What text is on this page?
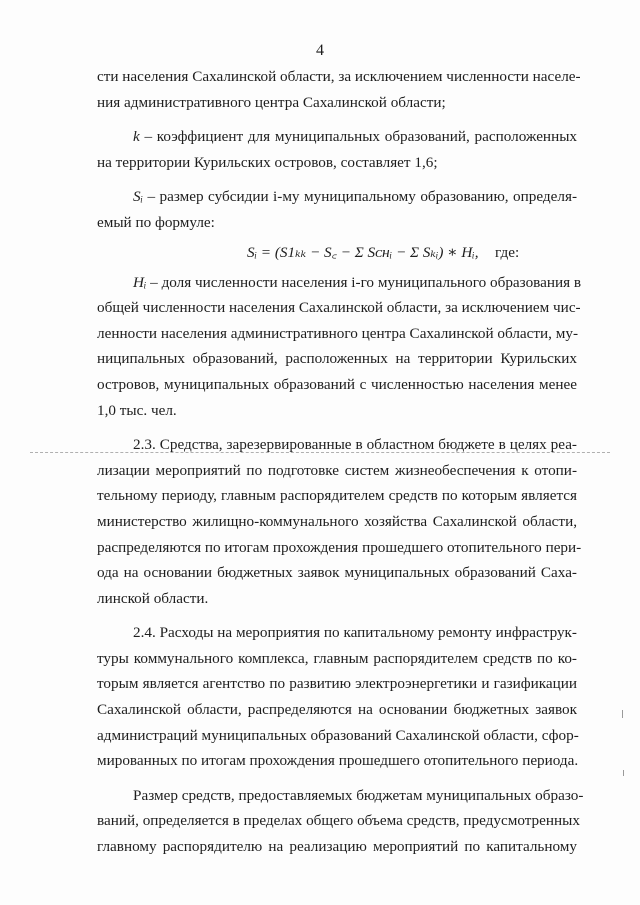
4
сти населения Сахалинской области, за исключением численности населе-
ния административного центра Сахалинской области;
k – коэффициент для муниципальных образований, расположенных
на территории Курильских островов, составляет 1,6;
Sᵢ – размер субсидии i-му муниципальному образованию, определя-
емый по формуле:
Sᵢ = (S1ₖₖ − S꜀ − Σ Sᴄʜᵢ − Σ Sₖᵢ) ∗ Hᵢ, где:
Hᵢ – доля численности населения i-го муниципального образования в
общей численности населения Сахалинской области, за исключением чис-
ленности населения административного центра Сахалинской области, му-
ниципальных образований, расположенных на территории Курильских
островов, муниципальных образований с численностью населения менее
1,0 тыс. чел.
2.3. Средства, зарезервированные в областном бюджете в целях реа-
лизации мероприятий по подготовке систем жизнеобеспечения к отопи-
тельному периоду, главным распорядителем средств по которым является
министерство жилищно-коммунального хозяйства Сахалинской области,
распределяются по итогам прохождения прошедшего отопительного пери-
ода на основании бюджетных заявок муниципальных образований Саха-
линской области.
2.4. Расходы на мероприятия по капитальному ремонту инфраструк-
туры коммунального комплекса, главным распорядителем средств по ко-
торым является агентство по развитию электроэнергетики и газификации
Сахалинской области, распределяются на основании бюджетных заявок
администраций муниципальных образований Сахалинской области, сфор-
мированных по итогам прохождения прошедшего отопительного периода.
Размер средств, предоставляемых бюджетам муниципальных образо-
ваний, определяется в пределах общего объема средств, предусмотренных
главному распорядителю на реализацию мероприятий по капитальному
